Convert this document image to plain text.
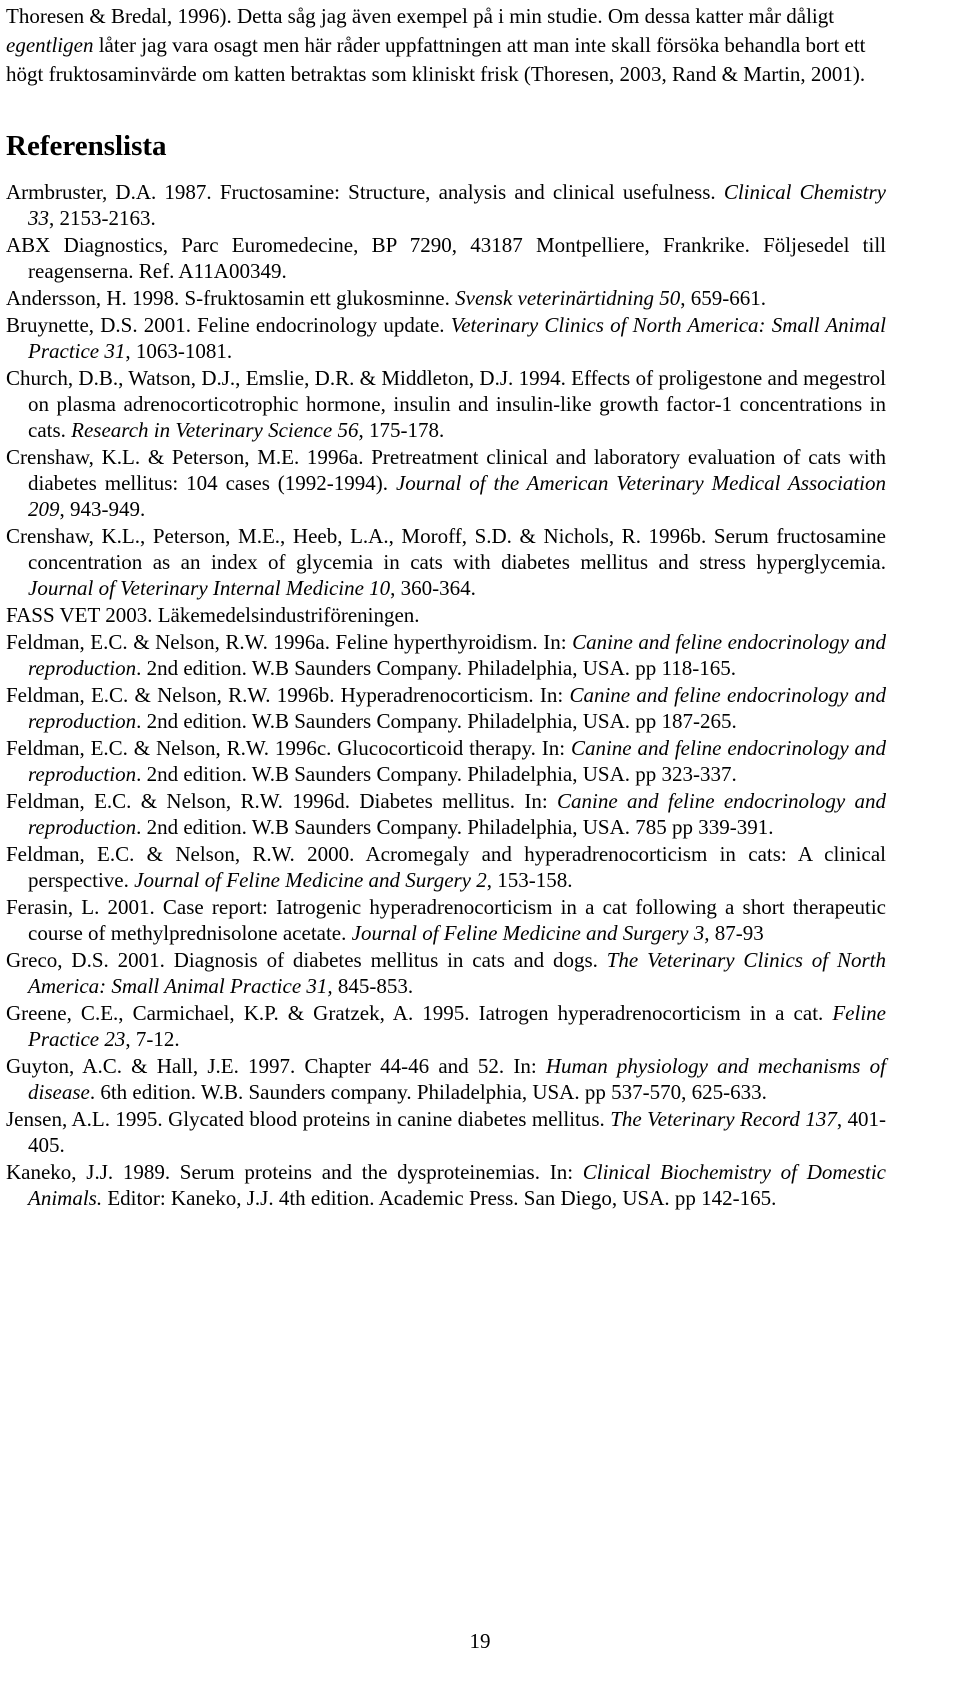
Thoresen & Bredal, 1996). Detta såg jag även exempel på i min studie. Om dessa katter mår dåligt egentligen låter jag vara osagt men här råder uppfattningen att man inte skall försöka behandla bort ett högt fruktosaminvärde om katten betraktas som kliniskt frisk (Thoresen, 2003, Rand & Martin, 2001).

Referenslista
Armbruster, D.A. 1987. Fructosamine: Structure, analysis and clinical usefulness. Clinical Chemistry 33, 2153-2163.
ABX Diagnostics, Parc Euromedecine, BP 7290, 43187 Montpelliere, Frankrike. Följesedel till reagenserna. Ref. A11A00349.
Andersson, H. 1998. S-fruktosamin ett glukosminne. Svensk veterinärtidning 50, 659-661.
Bruynette, D.S. 2001. Feline endocrinology update. Veterinary Clinics of North America: Small Animal Practice 31, 1063-1081.
Church, D.B., Watson, D.J., Emslie, D.R. & Middleton, D.J. 1994. Effects of proligestone and megestrol on plasma adrenocorticotrophic hormone, insulin and insulin-like growth factor-1 concentrations in cats. Research in Veterinary Science 56, 175-178.
Crenshaw, K.L. & Peterson, M.E. 1996a. Pretreatment clinical and laboratory evaluation of cats with diabetes mellitus: 104 cases (1992-1994). Journal of the American Veterinary Medical Association 209, 943-949.
Crenshaw, K.L., Peterson, M.E., Heeb, L.A., Moroff, S.D. & Nichols, R. 1996b. Serum fructosamine concentration as an index of glycemia in cats with diabetes mellitus and stress hyperglycemia. Journal of Veterinary Internal Medicine 10, 360-364.
FASS VET 2003. Läkemedelsindustriföreningen.
Feldman, E.C. & Nelson, R.W. 1996a. Feline hyperthyroidism. In: Canine and feline endocrinology and reproduction. 2nd edition. W.B Saunders Company. Philadelphia, USA. pp 118-165.
Feldman, E.C. & Nelson, R.W. 1996b. Hyperadrenocorticism. In: Canine and feline endocrinology and reproduction. 2nd edition. W.B Saunders Company. Philadelphia, USA. pp 187-265.
Feldman, E.C. & Nelson, R.W. 1996c. Glucocorticoid therapy. In: Canine and feline endocrinology and reproduction. 2nd edition. W.B Saunders Company. Philadelphia, USA. pp 323-337.
Feldman, E.C. & Nelson, R.W. 1996d. Diabetes mellitus. In: Canine and feline endocrinology and reproduction. 2nd edition. W.B Saunders Company. Philadelphia, USA. 785 pp 339-391.
Feldman, E.C. & Nelson, R.W. 2000. Acromegaly and hyperadrenocorticism in cats: A clinical perspective. Journal of Feline Medicine and Surgery 2, 153-158.
Ferasin, L. 2001. Case report: Iatrogenic hyperadrenocorticism in a cat following a short therapeutic course of methylprednisolone acetate. Journal of Feline Medicine and Surgery 3, 87-93
Greco, D.S. 2001. Diagnosis of diabetes mellitus in cats and dogs. The Veterinary Clinics of North America: Small Animal Practice 31, 845-853.
Greene, C.E., Carmichael, K.P. & Gratzek, A. 1995. Iatrogen hyperadrenocorticism in a cat. Feline Practice 23, 7-12.
Guyton, A.C. & Hall, J.E. 1997. Chapter 44-46 and 52. In: Human physiology and mechanisms of disease. 6th edition. W.B. Saunders company. Philadelphia, USA. pp 537-570, 625-633.
Jensen, A.L. 1995. Glycated blood proteins in canine diabetes mellitus. The Veterinary Record 137, 401-405.
Kaneko, J.J. 1989. Serum proteins and the dysproteinemias. In: Clinical Biochemistry of Domestic Animals. Editor: Kaneko, J.J. 4th edition. Academic Press. San Diego, USA. pp 142-165.
19
